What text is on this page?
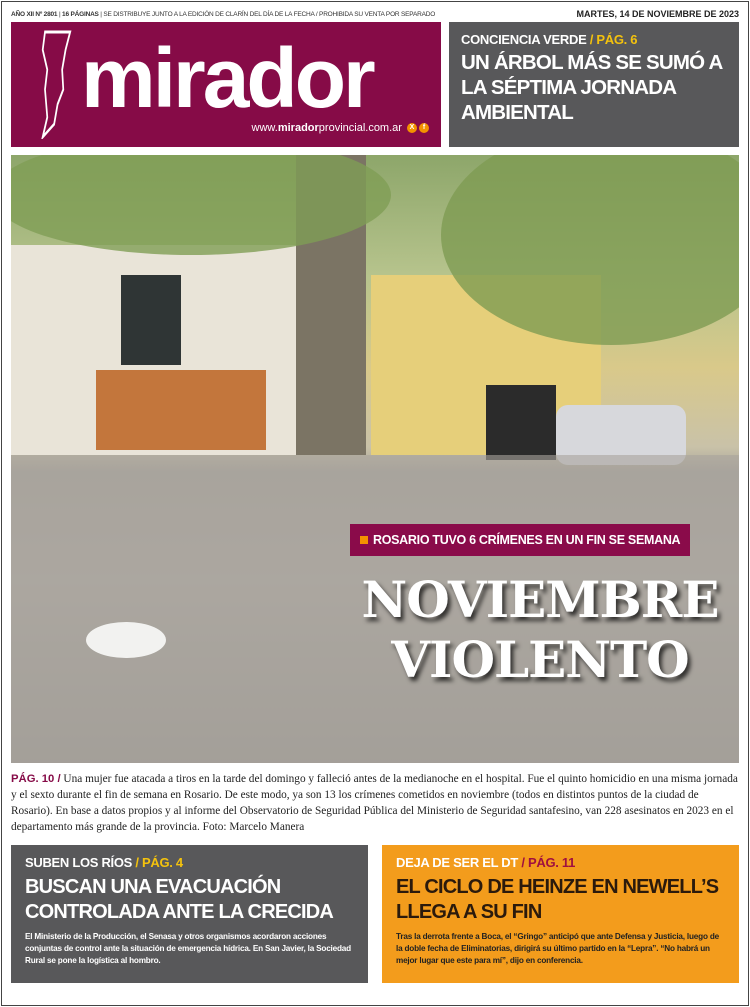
AÑO XII Nº 2801 | 16 PÁGINAS | SE DISTRIBUYE JUNTO A LA EDICIÓN DE CLARÍN DEL DÍA DE LA FECHA / PROHIBIDA SU VENTA POR SEPARADO	MARTES, 14 DE NOVIEMBRE DE 2023
mirador
www.miradorprovincial.com.ar X f
CONCIENCIA VERDE / PÁG. 6
UN ÁRBOL MÁS SE SUMÓ A LA SÉPTIMA JORNADA AMBIENTAL
ROSARIO TUVO 6 CRÍMENES EN UN FIN SE SEMANA
NOVIEMBRE
VIOLENTO
PÁG. 10 / Una mujer fue atacada a tiros en la tarde del domingo y falleció antes de la medianoche en el hospital. Fue el quinto homicidio en una misma jornada y el sexto durante el fin de semana en Rosario. De este modo, ya son 13 los crímenes cometidos en noviembre (todos en distintos puntos de la ciudad de Rosario). En base a datos propios y al informe del Observatorio de Seguridad Pública del Ministerio de Seguridad santafesino, van 228 asesinatos en 2023 en el departamento más grande de la provincia. Foto: Marcelo Manera
SUBEN LOS RÍOS / PÁG. 4
BUSCAN UNA EVACUACIÓN CONTROLADA ANTE LA CRECIDA

El Ministerio de la Producción, el Senasa y otros organismos acordaron acciones conjuntas de control ante la situación de emergencia hídrica. En San Javier, la Sociedad Rural se pone la logística al hombro.

DEJA DE SER EL DT / PÁG. 11
EL CICLO DE HEINZE EN NEWELL’S LLEGA A SU FIN

Tras la derrota frente a Boca, el “Gringo” anticipó que ante Defensa y Justicia, luego de la doble fecha de Eliminatorias, dirigirá su último partido en la “Lepra”. “No habrá un mejor lugar que este para mí”, dijo en conferencia.
